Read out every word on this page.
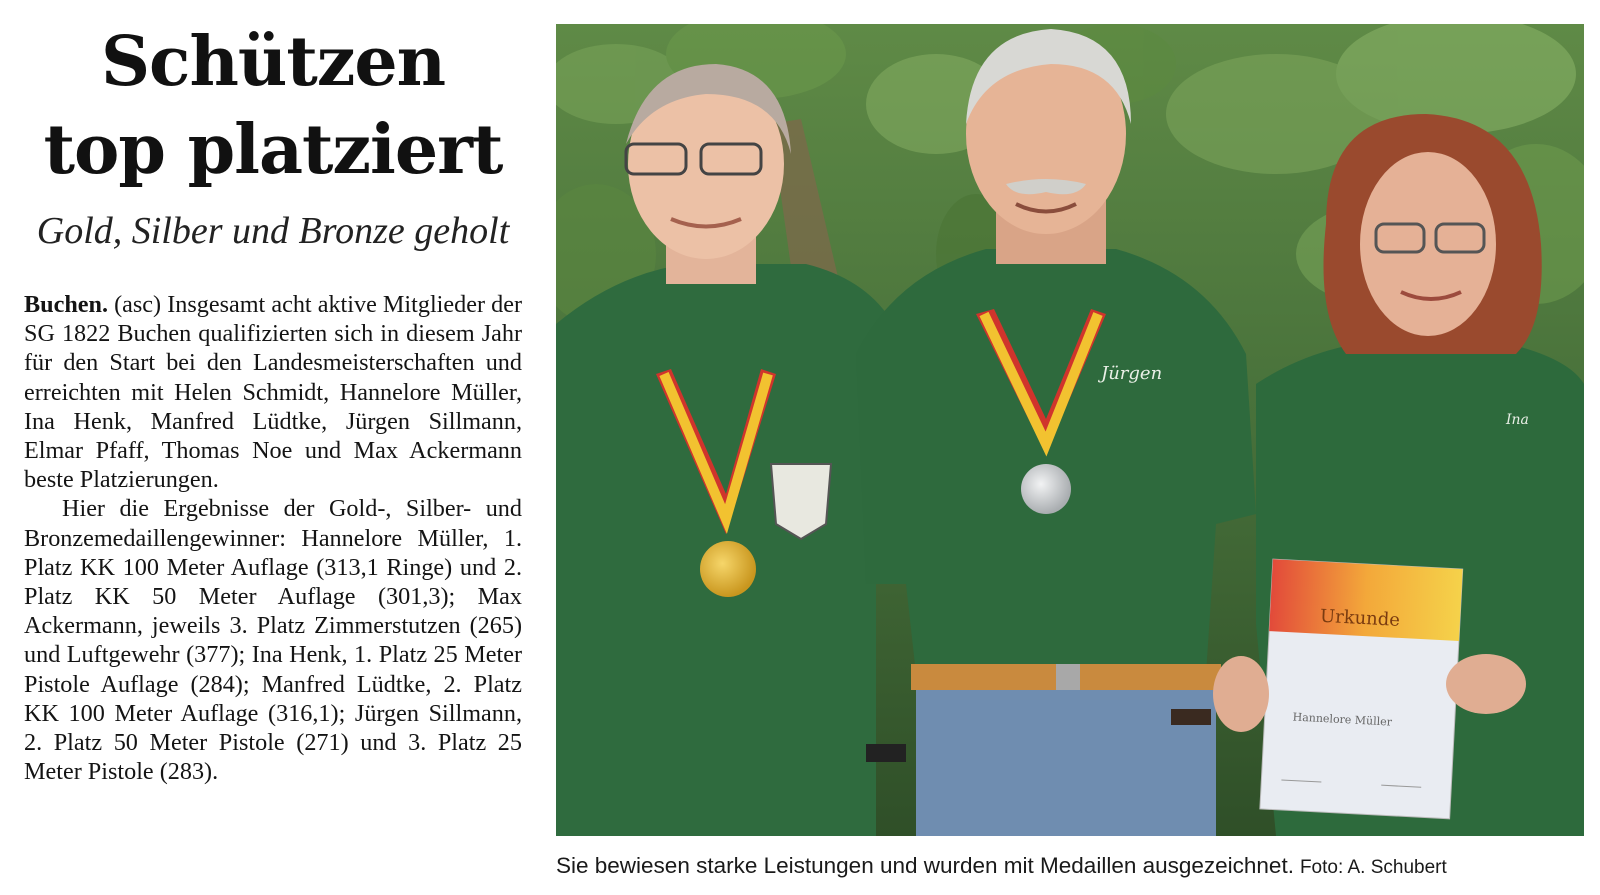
Schützen
top platziert
Gold, Silber und Bronze geholt

Buchen. (asc) Insgesamt acht aktive Mitglieder der SG 1822 Buchen qualifizierten sich in diesem Jahr für den Start bei den Landesmeisterschaften und erreichten mit Helen Schmidt, Hannelore Müller, Ina Henk, Manfred Lüdtke, Jürgen Sillmann, Elmar Pfaff, Thomas Noe und Max Ackermann beste Platzierungen.

Hier die Ergebnisse der Gold-, Silber- und Bronzemedaillengewinner: Hannelore Müller, 1. Platz KK 100 Meter Auflage (313,1 Ringe) und 2. Platz KK 50 Meter Auflage (301,3); Max Ackermann, jeweils 3. Platz Zimmerstutzen (265) und Luftgewehr (377); Ina Henk, 1. Platz 25 Meter Pistole Auflage (284); Manfred Lüdtke, 2. Platz KK 100 Meter Auflage (316,1); Jürgen Sillmann, 2. Platz 50 Meter Pistole (271) und 3. Platz 25 Meter Pistole (283).

Jürgen
Ina
Urkunde
Hannelore Müller
Sie bewiesen starke Leistungen und wurden mit Medaillen ausgezeichnet. Foto: A. Schubert
